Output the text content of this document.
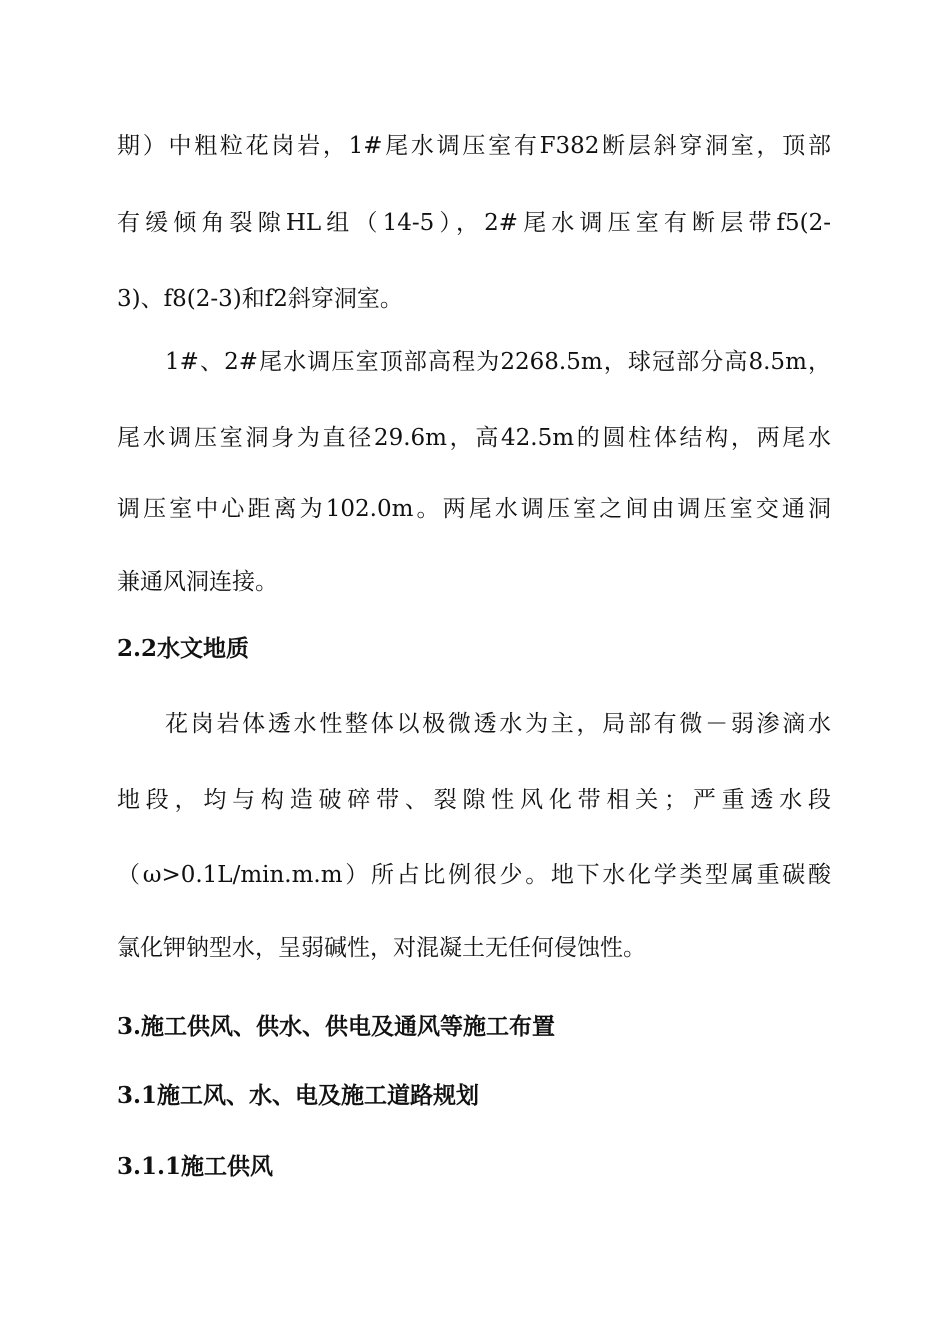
期）中粗粒花岗岩，1#尾水调压室有F382断层斜穿洞室，顶部
有缓倾角裂隙HL组（14-5），2#尾水调压室有断层带f5(2-
3)、f8(2-3)和f2斜穿洞室。
1#、2#尾水调压室顶部高程为2268.5m，球冠部分高8.5m，
尾水调压室洞身为直径29.6m，高42.5m的圆柱体结构，两尾水
调压室中心距离为102.0m。两尾水调压室之间由调压室交通洞
兼通风洞连接。
2.2水文地质
花岗岩体透水性整体以极微透水为主，局部有微－弱渗滴水
地段，均与构造破碎带、裂隙性风化带相关；严重透水段
（ω>0.1L/min.m.m）所占比例很少。地下水化学类型属重碳酸
氯化钾钠型水，呈弱碱性，对混凝土无任何侵蚀性。
3.施工供风、供水、供电及通风等施工布置
3.1施工风、水、电及施工道路规划
3.1.1施工供风
